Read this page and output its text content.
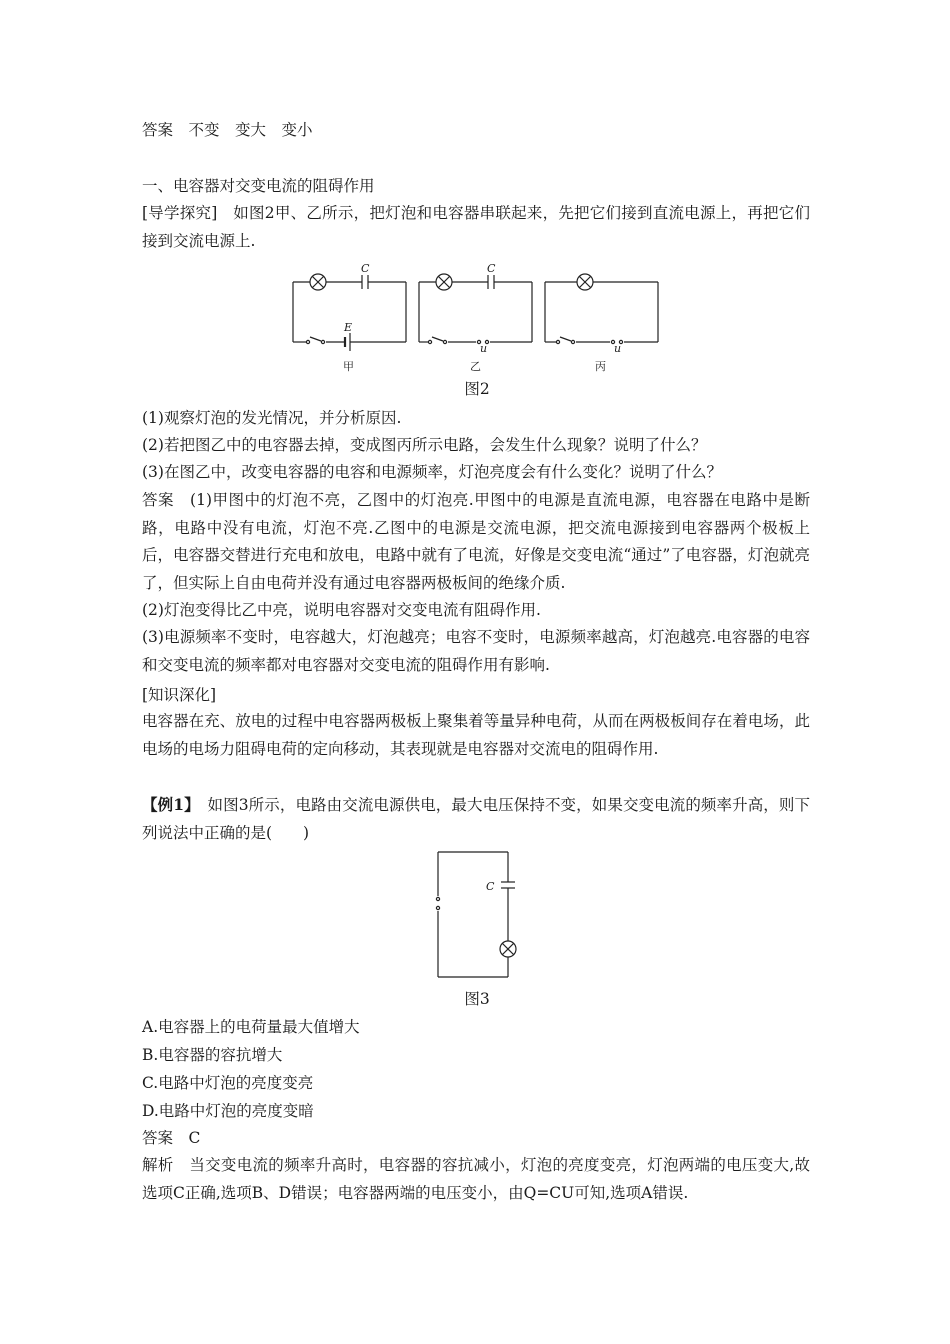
答案　不变　变大　变小
一、电容器对交变电流的阻碍作用
[导学探究]　如图2甲、乙所示，把灯泡和电容器串联起来，先把它们接到直流电源上，再把它们接到交流电源上.
C	C
E
u	u
甲	乙	丙
图2
(1)观察灯泡的发光情况，并分析原因.
(2)若把图乙中的电容器去掉，变成图丙所示电路，会发生什么现象？说明了什么？
(3)在图乙中，改变电容器的电容和电源频率，灯泡亮度会有什么变化？说明了什么？
答案　(1)甲图中的灯泡不亮，乙图中的灯泡亮.甲图中的电源是直流电源，电容器在电路中是断路，电路中没有电流，灯泡不亮.乙图中的电源是交流电源，把交流电源接到电容器两个极板上后，电容器交替进行充电和放电，电路中就有了电流，好像是交变电流“通过”了电容器，灯泡就亮了，但实际上自由电荷并没有通过电容器两极板间的绝缘介质.
(2)灯泡变得比乙中亮，说明电容器对交变电流有阻碍作用.
(3)电源频率不变时，电容越大，灯泡越亮；电容不变时，电源频率越高，灯泡越亮.电容器的电容和交变电流的频率都对电容器对交变电流的阻碍作用有影响.
[知识深化]
电容器在充、放电的过程中电容器两极板上聚集着等量异种电荷，从而在两极板间存在着电场，此电场的电场力阻碍电荷的定向移动，其表现就是电容器对交流电的阻碍作用.
【例1】　如图3所示，电路由交流电源供电，最大电压保持不变，如果交变电流的频率升高，则下列说法中正确的是(　　)
C
图3
A.电容器上的电荷量最大值增大
B.电容器的容抗增大
C.电路中灯泡的亮度变亮
D.电路中灯泡的亮度变暗
答案　C
解析　当交变电流的频率升高时，电容器的容抗减小，灯泡的亮度变亮，灯泡两端的电压变大,故选项C正确,选项B、D错误；电容器两端的电压变小，由Q=CU可知,选项A错误.
